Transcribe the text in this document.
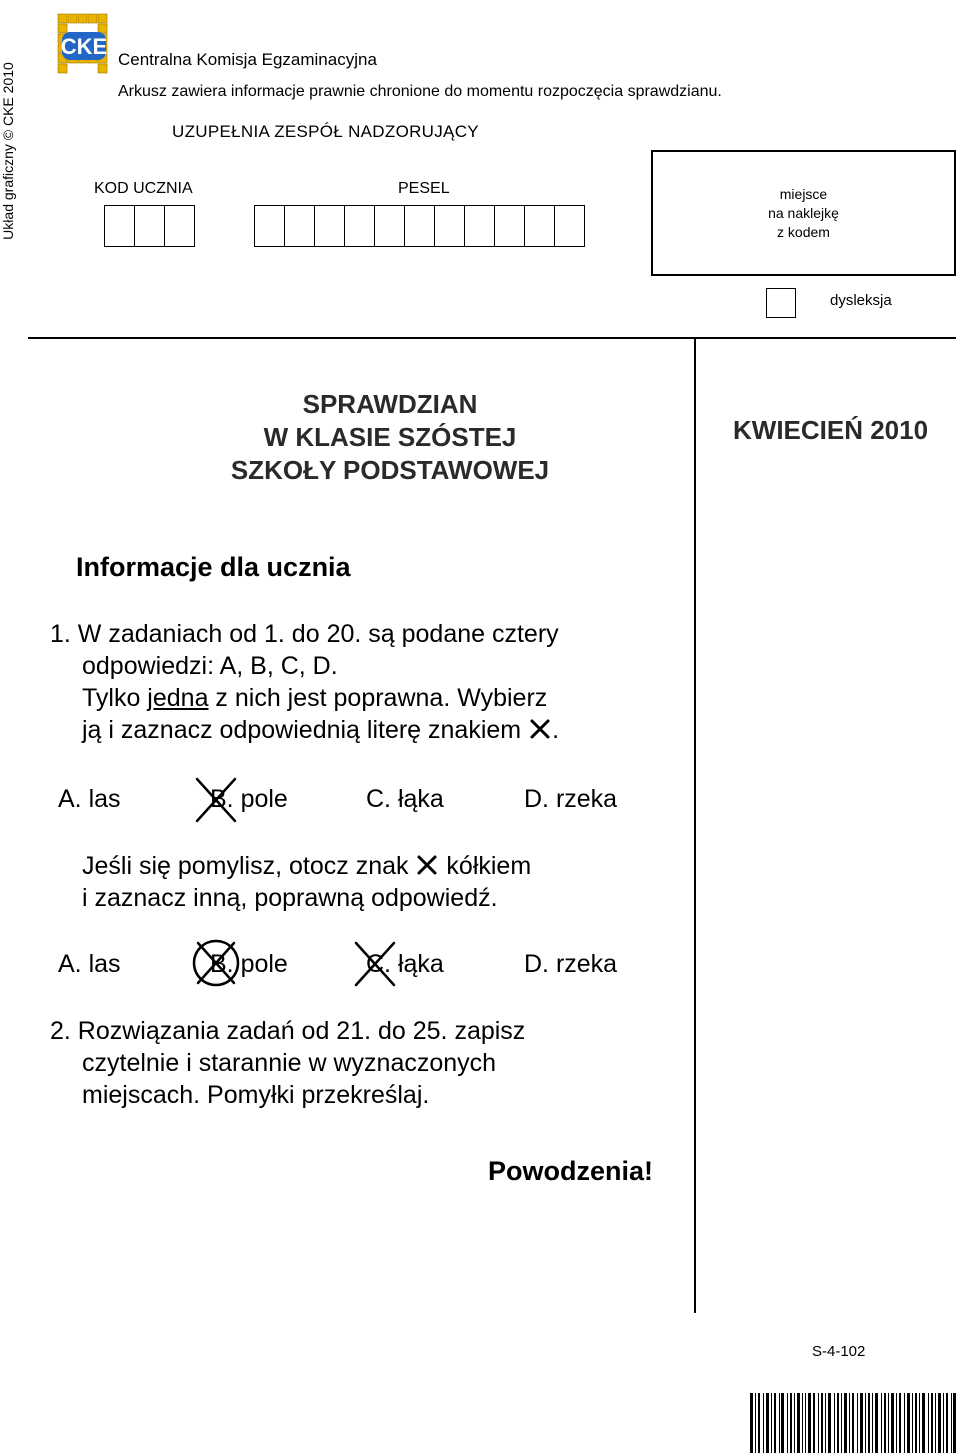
Układ graficzny © CKE 2010
CKE
Centralna Komisja Egzaminacyjna
Arkusz zawiera informacje prawnie chronione do momentu rozpoczęcia sprawdzianu.
UZUPEŁNIA ZESPÓŁ NADZORUJĄCY
KOD UCZNIA	PESEL	miejsce
na naklejkę
z kodem
dysleksja
SPRAWDZIAN
W KLASIE SZÓSTEJ
SZKOŁY PODSTAWOWEJ
KWIECIEŃ 2010
Informacje dla ucznia
1. W zadaniach od 1. do 20. są podane cztery
odpowiedzi: A, B, C, D.
Tylko jedna z nich jest poprawna. Wybierz
ją i zaznacz odpowiednią literę znakiem .
A. las	B. pole	C. łąka	D. rzeka
Jeśli się pomylisz, otocz znak kółkiem
i zaznacz inną, poprawną odpowiedź.
A. las	B. pole	C. łąka	D. rzeka
2. Rozwiązania zadań od 21. do 25. zapisz
czytelnie i starannie w wyznaczonych
miejscach. Pomyłki przekreślaj.
Powodzenia!
S-4-102
